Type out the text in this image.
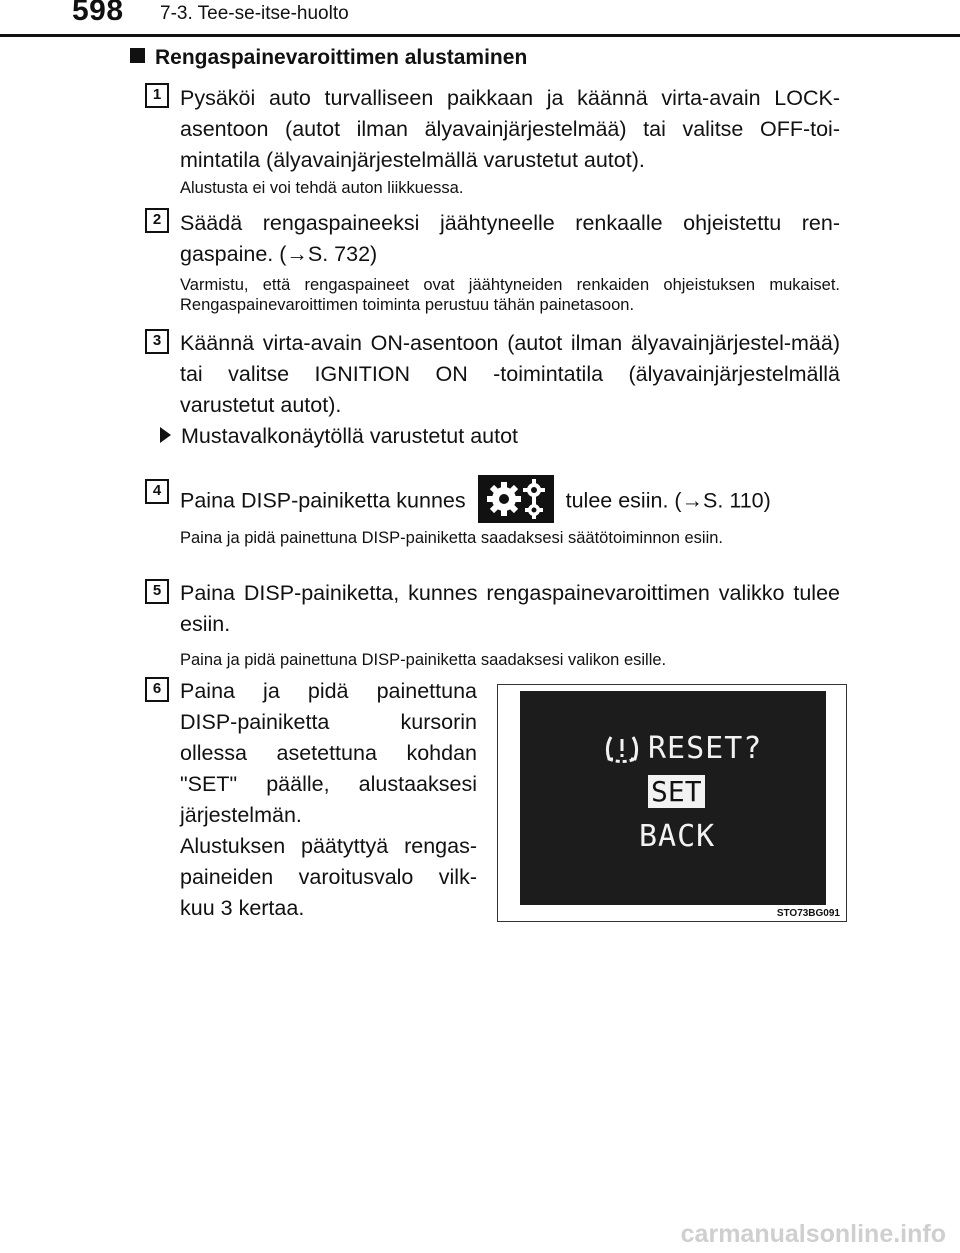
598 7-3. Tee-se-itse-huolto
Rengaspainevaroittimen alustaminen
1 Pysäköi auto turvalliseen paikkaan ja käännä virta-avain LOCK-asentoon (autot ilman älyavainjärjestelmää) tai valitse OFF-toi-mintatila (älyavainjärjestelmällä varustetut autot).
Alustusta ei voi tehdä auton liikkuessa.
2 Säädä rengaspaineeksi jäähtyneelle renkaalle ohjeistettu ren-gaspaine. (→S. 732)
Varmistu, että rengaspaineet ovat jäähtyneiden renkaiden ohjeistuksen mukaiset. Rengaspainevaroittimen toiminta perustuu tähän painetasoon.
3 Käännä virta-avain ON-asentoon (autot ilman älyavainjärjestel-mää) tai valitse IGNITION ON -toimintatila (älyavainjärjestelmällä varustetut autot).
Mustavalkonäytöllä varustetut autot
4 Paina DISP-painiketta kunnes	tulee esiin. (→S. 110)
Paina ja pidä painettuna DISP-painiketta saadaksesi säätötoiminnon esiin.
5 Paina DISP-painiketta, kunnes rengaspainevaroittimen valikko tulee esiin.
Paina ja pidä painettuna DISP-painiketta saadaksesi valikon esille.
6 Paina ja pidä painettuna
DISP-painiketta kursorin
ollessa asetettuna kohdan
"SET" päälle, alustaaksesi
järjestelmän.
Alustuksen päätyttyä rengas-
paineiden varoitusvalo vilk-
kuu 3 kertaa.
RESET?
SET
BACK
STO73BG091
carmanualsonline.info
